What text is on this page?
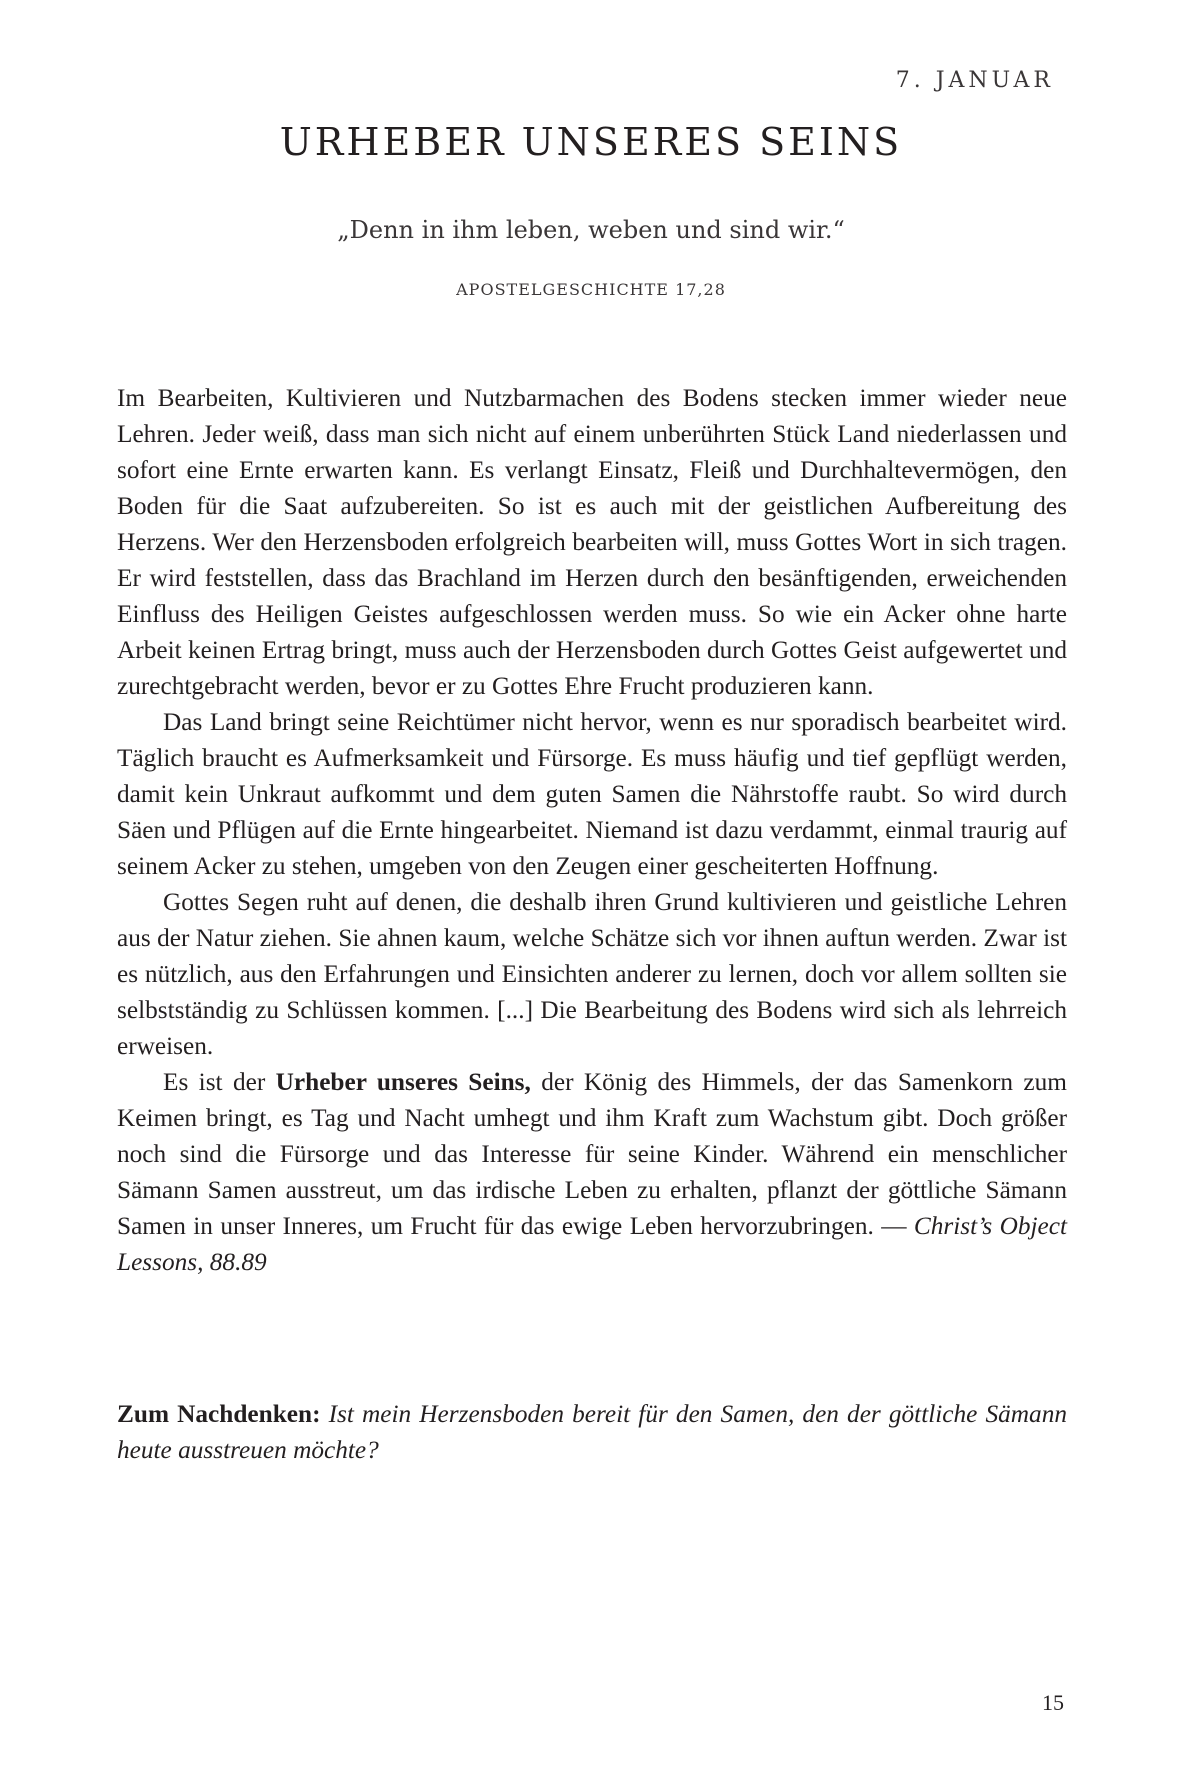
7. JANUAR
URHEBER UNSERES SEINS
„Denn in ihm leben, weben und sind wir.“
APOSTELGESCHICHTE 17,28

Im Bearbeiten, Kultivieren und Nutzbarmachen des Bodens stecken immer wieder neue Lehren. Jeder weiß, dass man sich nicht auf einem unberührten Stück Land niederlassen und sofort eine Ernte erwarten kann. Es verlangt Einsatz, Fleiß und Durchhaltevermögen, den Boden für die Saat aufzubereiten. So ist es auch mit der geistlichen Aufbereitung des Herzens. Wer den Herzensboden erfolgreich bearbeiten will, muss Gottes Wort in sich tragen. Er wird feststellen, dass das Brachland im Herzen durch den besänftigenden, erweichenden Einfluss des Heiligen Geistes aufgeschlossen werden muss. So wie ein Acker ohne harte Arbeit keinen Ertrag bringt, muss auch der Herzensboden durch Gottes Geist aufgewertet und zurechtgebracht werden, bevor er zu Gottes Ehre Frucht produzieren kann.

Das Land bringt seine Reichtümer nicht hervor, wenn es nur sporadisch bearbeitet wird. Täglich braucht es Aufmerksamkeit und Fürsorge. Es muss häufig und tief gepflügt werden, damit kein Unkraut aufkommt und dem guten Samen die Nährstoffe raubt. So wird durch Säen und Pflügen auf die Ernte hingearbeitet. Niemand ist dazu verdammt, einmal traurig auf seinem Acker zu stehen, umgeben von den Zeugen einer gescheiterten Hoffnung.

Gottes Segen ruht auf denen, die deshalb ihren Grund kultivieren und geistliche Lehren aus der Natur ziehen. Sie ahnen kaum, welche Schätze sich vor ihnen auftun werden. Zwar ist es nützlich, aus den Erfahrungen und Einsichten anderer zu lernen, doch vor allem sollten sie selbstständig zu Schlüssen kommen. [...] Die Bearbeitung des Bodens wird sich als lehrreich erweisen.

Es ist der Urheber unseres Seins, der König des Himmels, der das Samenkorn zum Keimen bringt, es Tag und Nacht umhegt und ihm Kraft zum Wachstum gibt. Doch größer noch sind die Fürsorge und das Interesse für seine Kinder. Während ein menschlicher Sämann Samen ausstreut, um das irdische Leben zu erhalten, pflanzt der göttliche Sämann Samen in unser Inneres, um Frucht für das ewige Leben hervorzubringen. — Christ’s Object Lessons, 88.89

Zum Nachdenken: Ist mein Herzensboden bereit für den Samen, den der göttliche Sämann heute ausstreuen möchte?
15
